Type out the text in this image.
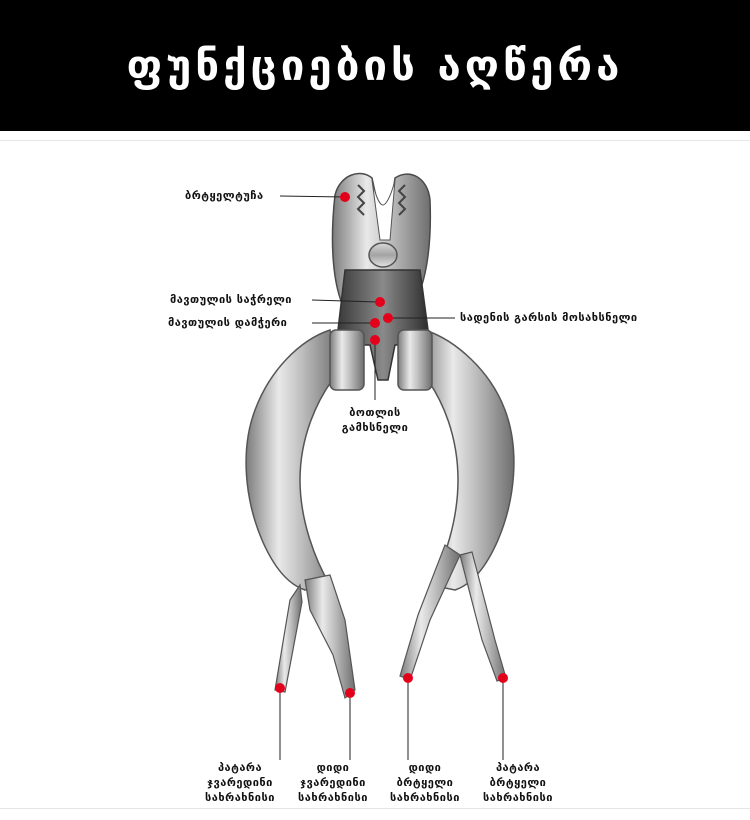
ფუნქციების აღწერა
ბრტყელტუჩა
მავთულის საჭრელი
მავთულის დამჭერი	სადენის გარსის მოსახსნელი
ბოთლის
გამხსნელი
პატარა
ჯვარედინი
სახრახნისი
დიდი
ჯვარედინი
სახრახნისი
დიდი
ბრტყელი
სახრახნისი
პატარა
ბრტყელი
სახრახნისი
